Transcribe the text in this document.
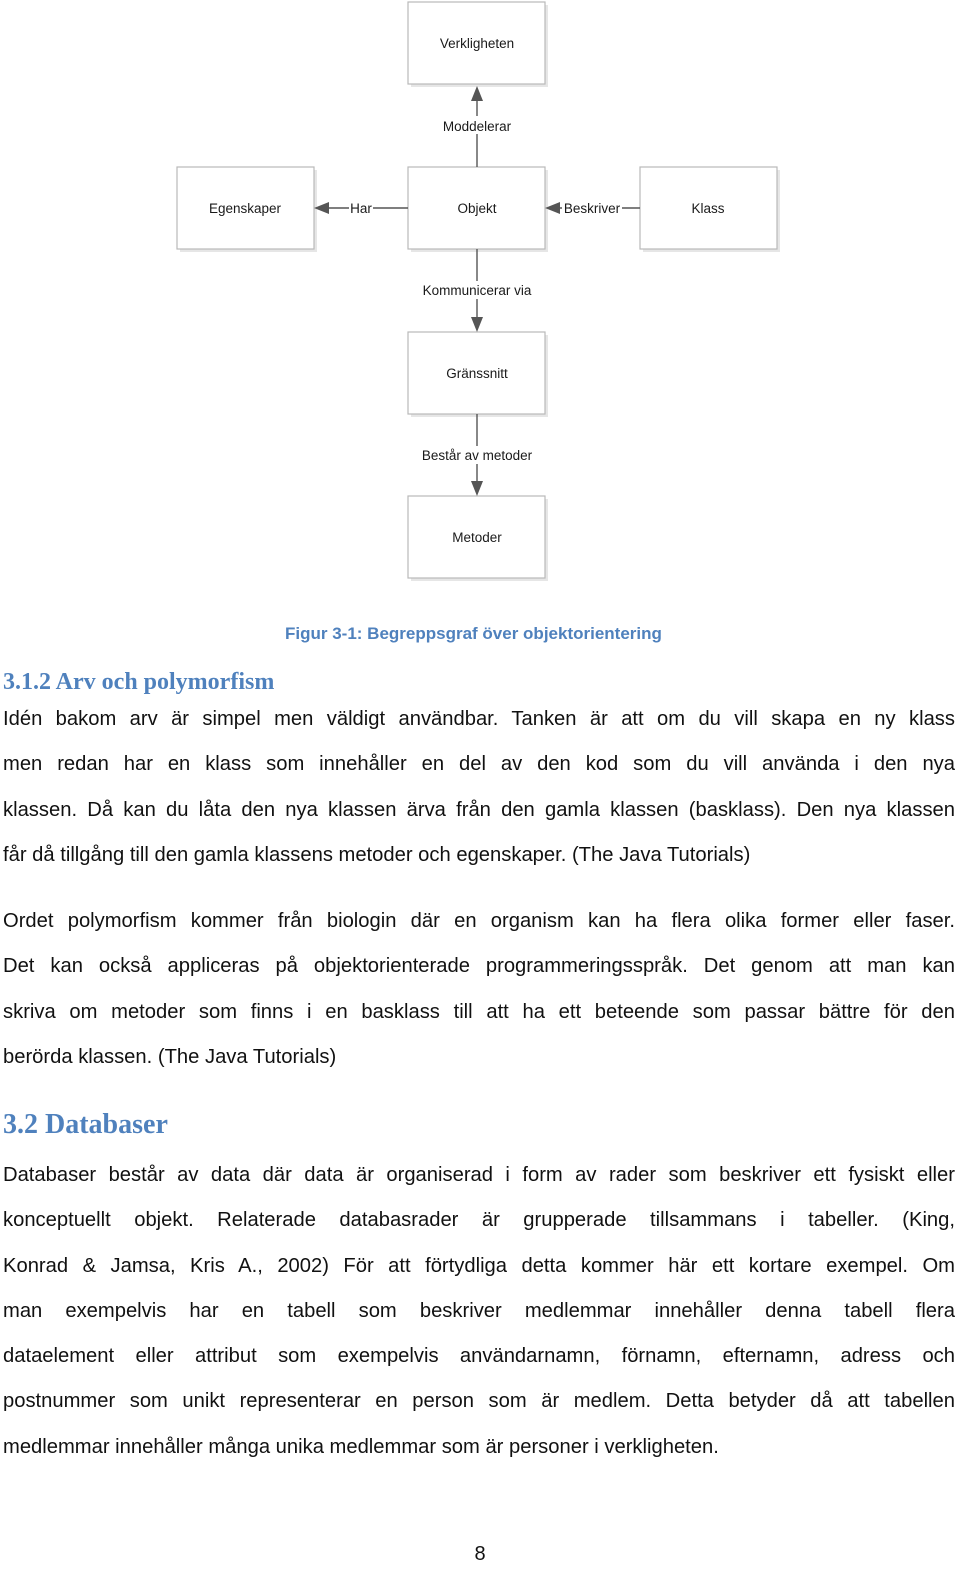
Verkligheten
Egenskaper	Objekt	Klass
Gränssnitt
Metoder
Moddelerar
Har	Beskriver
Kommunicerar via
Består av metoder
Figur 3-1: Begreppsgraf över objektorientering
3.1.2 Arv och polymorfism

Idén bakom arv är simpel men väldigt användbar. Tanken är att om du vill skapa en ny klass
men redan har en klass som innehåller en del av den kod som du vill använda i den nya
klassen. Då kan du låta den nya klassen ärva från den gamla klassen (basklass). Den nya klassen
får då tillgång till den gamla klassens metoder och egenskaper. (The Java Tutorials)

Ordet polymorfism kommer från biologin där en organism kan ha flera olika former eller faser.
Det kan också appliceras på objektorienterade programmeringsspråk. Det genom att man kan
skriva om metoder som finns i en basklass till att ha ett beteende som passar bättre för den
berörda klassen. (The Java Tutorials)

3.2 Databaser

Databaser består av data där data är organiserad i form av rader som beskriver ett fysiskt eller
konceptuellt objekt. Relaterade databasrader är grupperade tillsammans i tabeller. (King,
Konrad & Jamsa, Kris A., 2002) För att förtydliga detta kommer här ett kortare exempel. Om
man exempelvis har en tabell som beskriver medlemmar innehåller denna tabell flera
dataelement eller attribut som exempelvis användarnamn, förnamn, efternamn, adress och
postnummer som unikt representerar en person som är medlem. Detta betyder då att tabellen
medlemmar innehåller många unika medlemmar som är personer i verkligheten.

8
